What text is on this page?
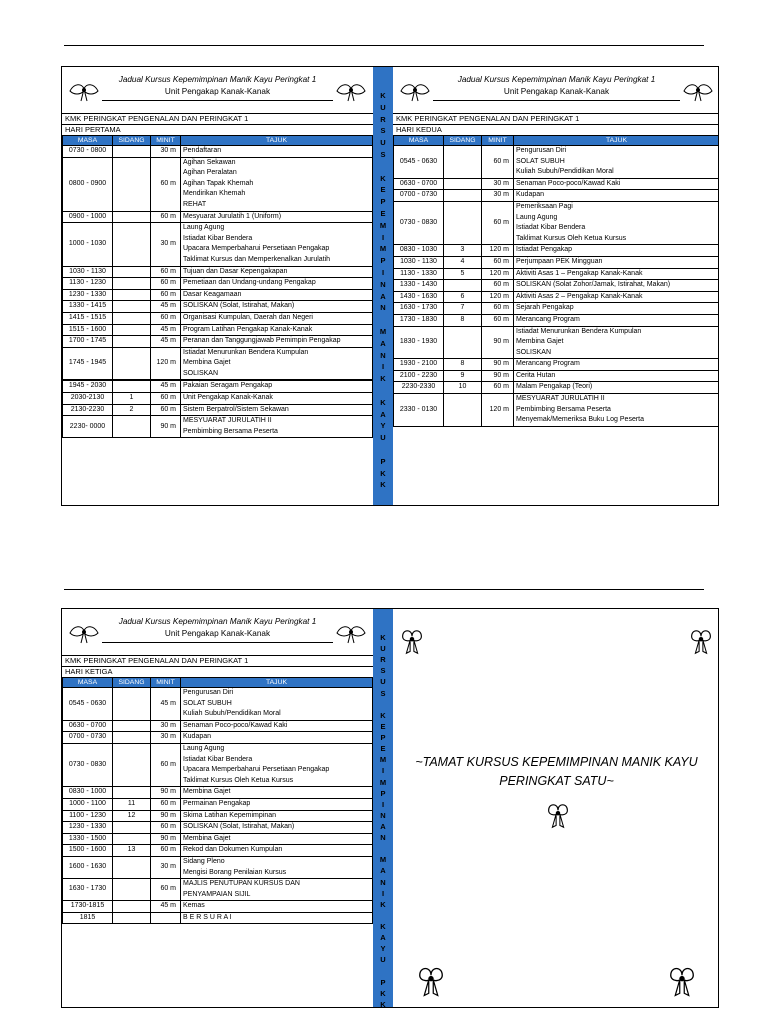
Jadual Kursus Kepemimpinan Manik Kayu Peringkat 1
Unit Pengakap Kanak-Kanak
KMK PERINGKAT PENGENALAN DAN PERINGKAT 1
HARI PERTAMA
MASA	SIDANG	MINIT	TAJUK
0730 - 0800		30 m	Pendaftaran

0800 - 0900		60 m	Agihan Sekawan
Agihan Peralatan
Agihan Tapak Khemah
Mendirikan Khemah
REHAT

0900 - 1000		60 m	Mesyuarat Jurulatih 1 (Uniform)

1000 - 1030		30 m	Laung Agung
Istiadat Kibar Bendera
Upacara Memperbaharui Persetiaan Pengakap
Taklimat Kursus dan Memperkenalkan Jurulatih

1030 - 1130		60 m	Tujuan dan Dasar Kepengakapan

1130 - 1230		60 m	Pemetiaan dan Undang-undang Pengakap

1230 - 1330		60 m	Dasar Keagamaan

1330 - 1415		45 m	SOLISKAN (Solat, Istirahat, Makan)

1415 - 1515		60 m	Organisasi Kumpulan, Daerah dan Negeri

1515 - 1600		45 m	Program Latihan Pengakap Kanak-Kanak

1700 - 1745		45 m	Peranan dan Tanggungjawab Pemimpin Pengakap

1745 - 1945		120 m	Istiadat Menurunkan Bendera Kumpulan
Membina Gajet
SOLISKAN

1945 - 2030		45 m	Pakaian Seragam Pengakap

2030-2130	1	60 m	Unit Pengakap Kanak-Kanak

2130-2230	2	60 m	Sistem Berpatrol/Sistem Sekawan

2230- 0000		90 m	MESYUARAT JURULATIH II
Pembimbing Bersama Peserta
K
U
R
S
U
S
K
E
P
E
M
I
M
P
I
N
A
N
M
A
N
I
K
K
A
Y
U
P
K
K
Jadual Kursus Kepemimpinan Manik Kayu Peringkat 1
Unit Pengakap Kanak-Kanak
KMK PERINGKAT PENGENALAN DAN PERINGKAT 1
HARI KEDUA
MASA	SIDANG	MINIT	TAJUK
0545 - 0630		60 m	Pengurusan Diri
SOLAT SUBUH
Kuliah Subuh/Pendidikan Moral

0630 - 0700		30 m	Senaman Poco-poco/Kawad Kaki

0700 - 0730		30 m	Kudapan

0730 - 0830		60 m	Pemeriksaan Pagi
Laung Agung
Istiadat Kibar Bendera
Taklimat Kursus Oleh Ketua Kursus

0830 - 1030	3	120 m	Istiadat Pengakap

1030 - 1130	4	60 m	Perjumpaan PEK Mingguan

1130 - 1330	5	120 m	Aktiviti Asas 1 – Pengakap Kanak-Kanak

1330 - 1430		60 m	SOLISKAN (Solat Zohor/Jamak, Istirahat, Makan)

1430 - 1630	6	120 m	Aktiviti Asas 2 – Pengakap Kanak-Kanak

1630 - 1730	7	60 m	Sejarah Pengakap

1730 - 1830	8	60 m	Merancang Program

1830 - 1930		90 m	Istiadat Menurunkan Bendera Kumpulan
Membina Gajet
SOLISKAN

1930 - 2100	8	90 m	Merancang Program

2100 - 2230	9	90 m	Cerita Hutan

2230-2330	10	60 m	Malam Pengakap (Teori)

2330 - 0130		120 m	MESYUARAT JURULATIH II
Pembimbing Bersama Peserta
Menyemak/Memeriksa Buku Log Peserta
Jadual Kursus Kepemimpinan Manik Kayu Peringkat 1
Unit Pengakap Kanak-Kanak
KMK PERINGKAT PENGENALAN DAN PERINGKAT 1
HARI KETIGA
MASA	SIDANG	MINIT	TAJUK
0545 - 0630		45 m	Pengurusan Diri
SOLAT SUBUH
Kuliah Subuh/Pendidikan Moral

0630 - 0700		30 m	Senaman Poco-poco/Kawad Kaki

0700 - 0730		30 m	Kudapan

0730 - 0830		60 m	Laung Agung
Istiadat Kibar Bendera
Upacara Memperbaharui Persetiaan Pengakap
Taklimat Kursus Oleh Ketua Kursus

0830 - 1000		90 m	Membina Gajet

1000 - 1100	11	60 m	Permainan Pengakap

1100 - 1230	12	90 m	Skima Latihan Kepemimpinan

1230 - 1330		60 m	SOLISKAN (Solat, Istirahat, Makan)

1330 - 1500		90 m	Membina Gajet

1500 - 1600	13	60 m	Rekod dan Dokumen Kumpulan

1600 - 1630		30 m	Sidang Pleno
Mengisi Borang Penilaian Kursus

1630 - 1730		60 m	MAJLIS PENUTUPAN KURSUS DAN
PENYAMPAIAN SIJIL

1730-1815		45 m	Kemas

1815			B E R S U R A I
K
U
R
S
U
S
K
E
P
E
M
I
M
P
I
N
A
N
M
A
N
I
K
K
A
Y
U
P
K
K
~TAMAT KURSUS KEPEMIMPINAN MANIK KAYU
PERINGKAT SATU~
